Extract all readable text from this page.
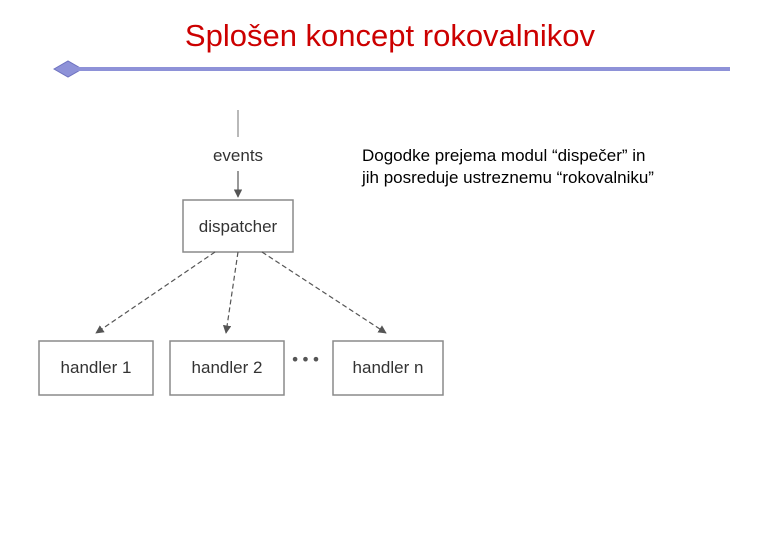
Splošen koncept rokovalnikov
events
dispatcher
handler 1	handler 2 ••• handler n
Dogodke prejema modul “dispečer” in
jih posreduje ustreznemu “rokovalniku”
